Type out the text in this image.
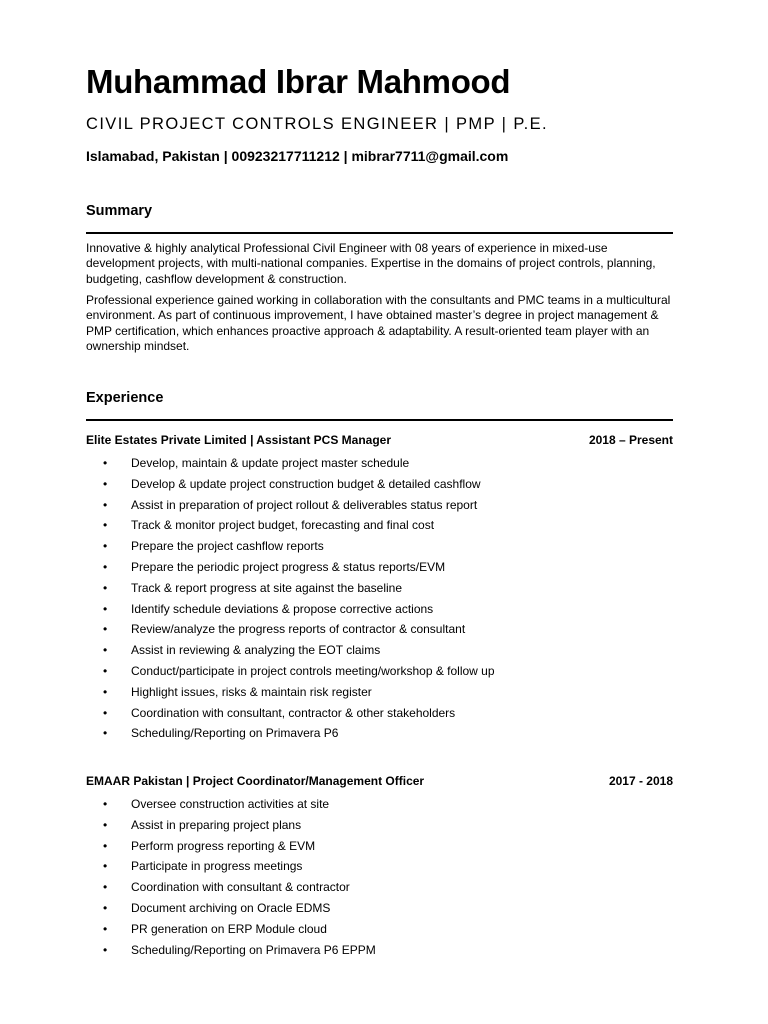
Muhammad Ibrar Mahmood
CIVIL PROJECT CONTROLS ENGINEER | PMP | P.E.
Islamabad, Pakistan | 00923217711212 | mibrar7711@gmail.com
Summary
Innovative & highly analytical Professional Civil Engineer with 08 years of experience in mixed-use development projects, with multi-national companies. Expertise in the domains of project controls, planning, budgeting, cashflow development & construction.
Professional experience gained working in collaboration with the consultants and PMC teams in a multicultural environment. As part of continuous improvement, I have obtained master’s degree in project management & PMP certification, which enhances proactive approach & adaptability. A result-oriented team player with an ownership mindset.
Experience
Elite Estates Private Limited | Assistant PCS Manager	2018 – Present
• Develop, maintain & update project master schedule
• Develop & update project construction budget & detailed cashflow
• Assist in preparation of project rollout & deliverables status report
• Track & monitor project budget, forecasting and final cost
• Prepare the project cashflow reports
• Prepare the periodic project progress & status reports/EVM
• Track & report progress at site against the baseline
• Identify schedule deviations & propose corrective actions
• Review/analyze the progress reports of contractor & consultant
• Assist in reviewing & analyzing the EOT claims
• Conduct/participate in project controls meeting/workshop & follow up
• Highlight issues, risks & maintain risk register
• Coordination with consultant, contractor & other stakeholders
• Scheduling/Reporting on Primavera P6
EMAAR Pakistan | Project Coordinator/Management Officer	2017 - 2018
• Oversee construction activities at site
• Assist in preparing project plans
• Perform progress reporting & EVM
• Participate in progress meetings
• Coordination with consultant & contractor
• Document archiving on Oracle EDMS
• PR generation on ERP Module cloud
• Scheduling/Reporting on Primavera P6 EPPM
